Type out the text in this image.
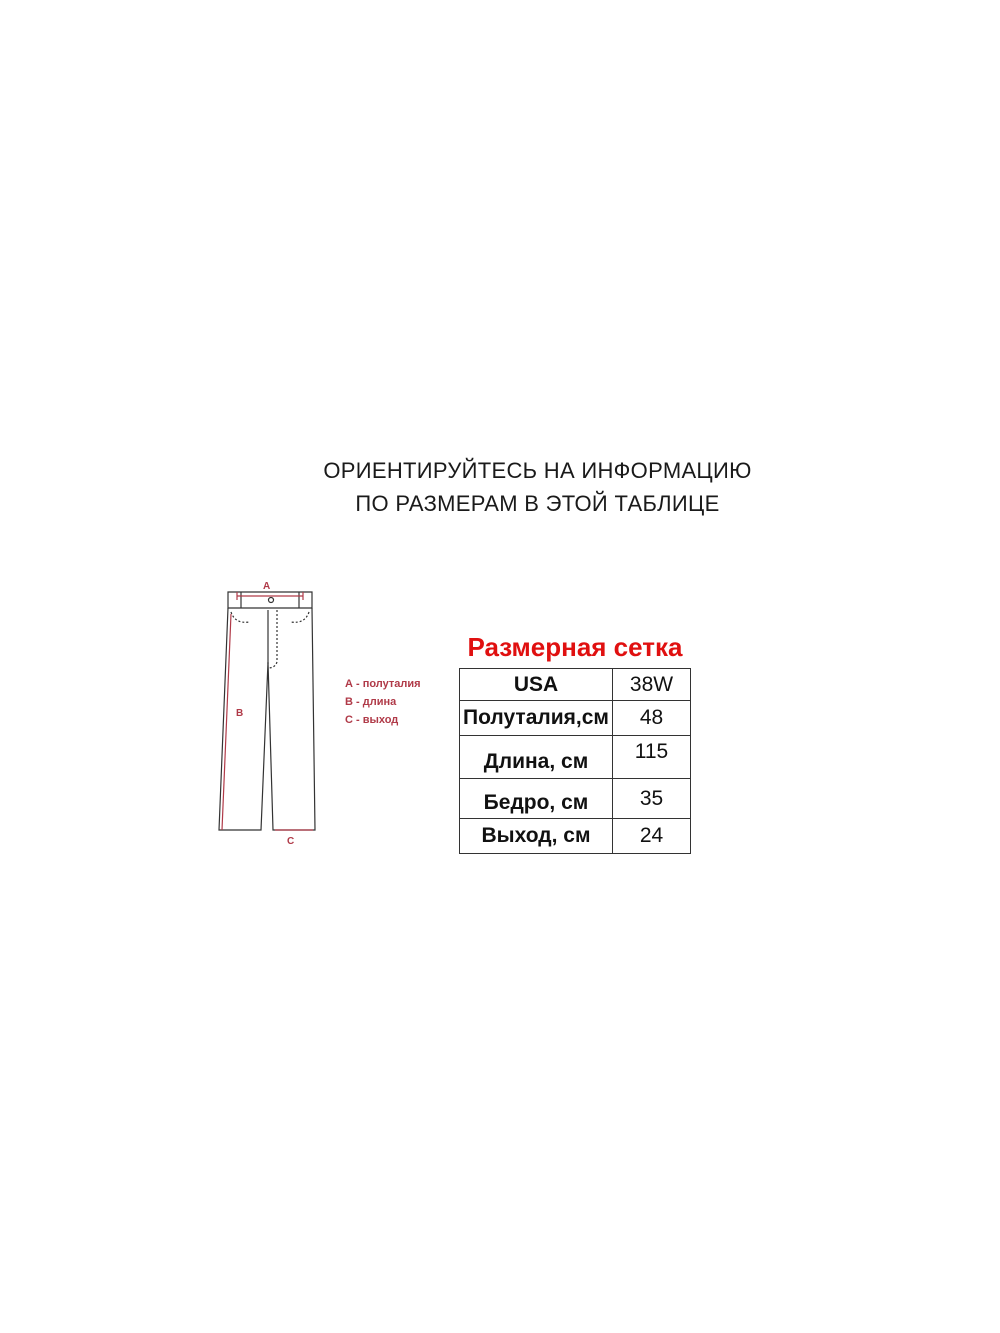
ОРИЕНТИРУЙТЕСЬ НА ИНФОРМАЦИЮ
ПО РАЗМЕРАМ В ЭТОЙ ТАБЛИЦЕ
A
B
C
А - полуталия
В - длина
С - выход
Размерная сетка
USA	38W
Полуталия,см	48
Длина, см	115
Бедро, см	35
Выход, см	24
